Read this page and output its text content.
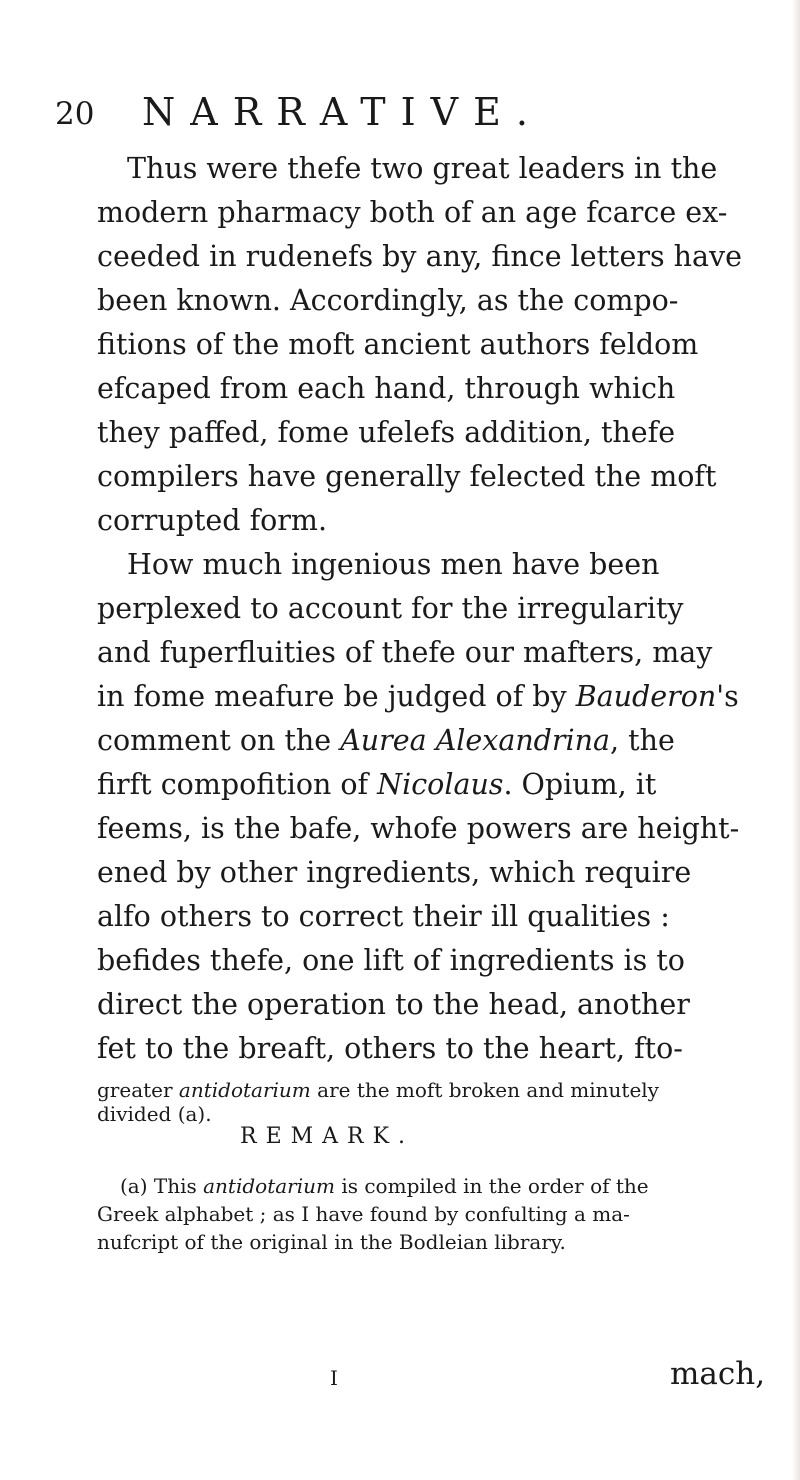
20 NARRATIVE.
Thus were thefe two great leaders in the
modern pharmacy both of an age fcarce ex-
ceeded in rudenefs by any, fince letters have
been known. Accordingly, as the compo-
fitions of the moft ancient authors feldom
efcaped from each hand, through which
they paffed, fome ufelefs addition, thefe
compilers have generally felected the moft
corrupted form.
How much ingenious men have been
perplexed to account for the irregularity
and fuperfluities of thefe our mafters, may
in fome meafure be judged of by Bauderon's
comment on the Aurea Alexandrina, the
firft compofition of Nicolaus. Opium, it
feems, is the bafe, whofe powers are height-
ened by other ingredients, which require
alfo others to correct their ill qualities :
befides thefe, one lift of ingredients is to
direct the operation to the head, another
fet to the breaft, others to the heart, fto-
greater antidotarium are the moft broken and minutely
divided (a).
REMARK.
(a) This antidotarium is compiled in the order of the
Greek alphabet ; as I have found by confulting a ma-
nufcript of the original in the Bodleian library.
I	mach,
